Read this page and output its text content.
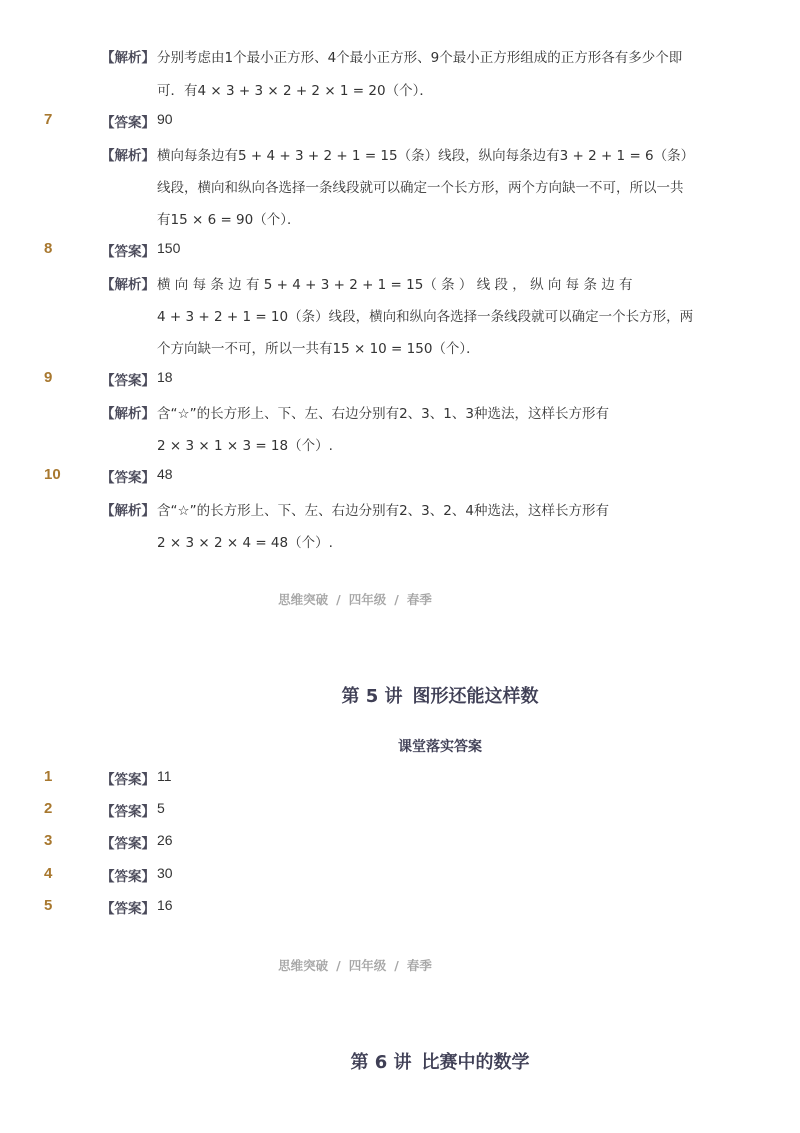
【解析】 分别考虑由1个最小正方形、4个最小正方形、9个最小正方形组成的正方形各有多少个即
可．有4 × 3 + 3 × 2 + 2 × 1 = 20（个）．
7	【答案】 90
【解析】 横向每条边有5 + 4 + 3 + 2 + 1 = 15（条）线段，纵向每条边有3 + 2 + 1 = 6（条）
线段，横向和纵向各选择一条线段就可以确定一个长方形，两个方向缺一不可，所以一共
有15 × 6 = 90（个）．
8	【答案】 150
【解析】 横 向 每 条 边 有 5 + 4 + 3 + 2 + 1 = 15（ 条 ） 线 段 ， 纵 向 每 条 边 有
4 + 3 + 2 + 1 = 10（条）线段，横向和纵向各选择一条线段就可以确定一个长方形，两
个方向缺一不可，所以一共有15 × 10 = 150（个）．
9	【答案】 18
【解析】 含“☆”的长方形上、下、左、右边分别有2、3、1、3种选法，这样长方形有
2 × 3 × 1 × 3 = 18（个）.
10	【答案】 48
【解析】 含“☆”的长方形上、下、左、右边分别有2、3、2、4种选法，这样长方形有
2 × 3 × 2 × 4 = 48（个）.
思维突破 / 四年级 / 春季
第 5 讲 图形还能这样数
课堂落实答案
1	【答案】 11
2	【答案】 5
3	【答案】 26
4	【答案】 30
5	【答案】 16
思维突破 / 四年级 / 春季
第 6 讲 比赛中的数学
